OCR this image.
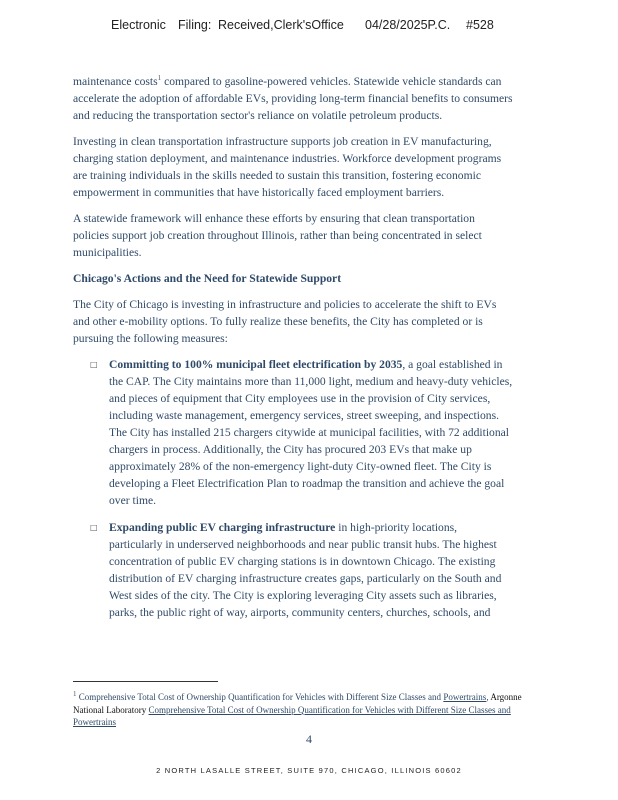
Electronic Filing: Received,Clerk'sOffice 04/28/2025P.C. #528

maintenance costs$^1$ compared to gasoline-powered vehicles. Statewide vehicle standards can accelerate the adoption of affordable EVs, providing long-term financial benefits to consumers and reducing the transportation sector's reliance on volatile petroleum products.

Investing in clean transportation infrastructure supports job creation in EV manufacturing, charging station deployment, and maintenance industries. Workforce development programs are training individuals in the skills needed to sustain this transition, fostering economic empowerment in communities that have historically faced employment barriers.

A statewide framework will enhance these efforts by ensuring that clean transportation policies support job creation throughout Illinois, rather than being concentrated in select municipalities.

Chicago's Actions and the Need for Statewide Support

The City of Chicago is investing in infrastructure and policies to accelerate the shift to EVs and other e-mobility options. To fully realize these benefits, the City has completed or is pursuing the following measures:

□ Committing to 100% municipal fleet electrification by 2035, a goal established in the CAP. The City maintains more than 11,000 light, medium and heavy-duty vehicles, and pieces of equipment that City employees use in the provision of City services, including waste management, emergency services, street sweeping, and inspections. The City has installed 215 chargers citywide at municipal facilities, with 72 additional chargers in process. Additionally, the City has procured 203 EVs that make up approximately 28% of the non-emergency light-duty City-owned fleet. The City is developing a Fleet Electrification Plan to roadmap the transition and achieve the goal over time.
□ Expanding public EV charging infrastructure in high-priority locations, particularly in underserved neighborhoods and near public transit hubs. The highest concentration of public EV charging stations is in downtown Chicago. The existing distribution of EV charging infrastructure creates gaps, particularly on the South and West sides of the city. The City is exploring leveraging City assets such as libraries, parks, the public right of way, airports, community centers, churches, schools, and
$^1$ Comprehensive Total Cost of Ownership Quantification for Vehicles with Different Size Classes and Powertrains, Argonne National Laboratory Comprehensive Total Cost of Ownership Quantification for Vehicles with Different Size Classes and Powertrains
4
2 NORTH LASALLE STREET, SUITE 970, CHICAGO, ILLINOIS 60602
